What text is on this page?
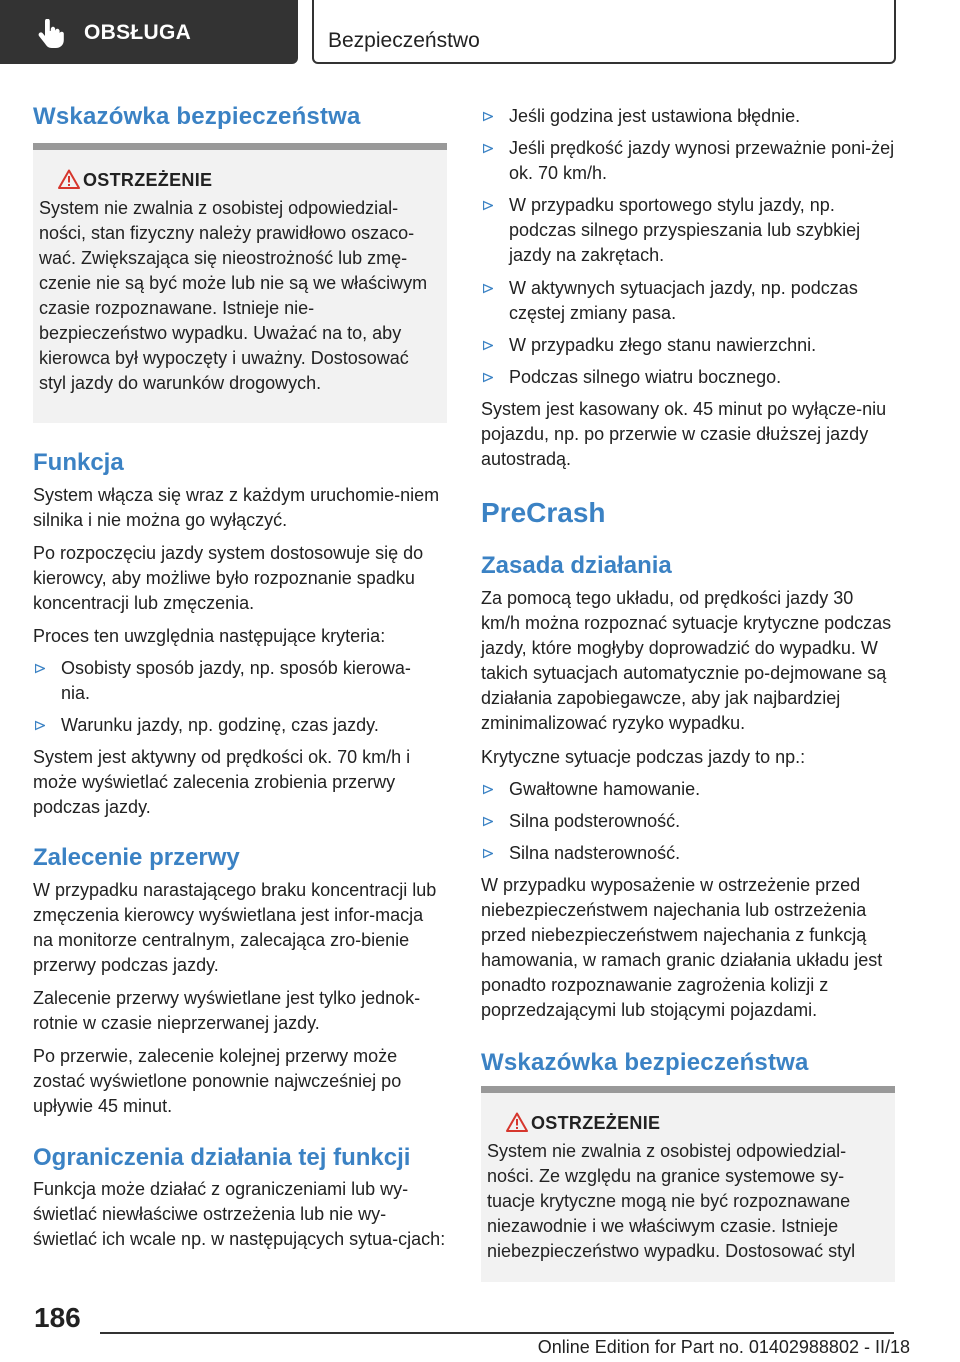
OBSŁUGA	Bezpieczeństwo
Wskazówka bezpieczeństwa
OSTRZEŻENIE

System nie zwalnia z osobistej odpowiedzial-ności, stan fizyczny należy prawidłowo oszaco-wać. Zwiększająca się nieostrożność lub zmę-czenie nie są być może lub nie są we właściwym czasie rozpoznawane. Istnieje nie-bezpieczeństwo wypadku. Uważać na to, aby kierowca był wypoczęty i uważny. Dostosować styl jazdy do warunków drogowych.

Funkcja

System włącza się wraz z każdym uruchomie-niem silnika i nie można go wyłączyć.

Po rozpoczęciu jazdy system dostosowuje się do kierowcy, aby możliwe było rozpoznanie spadku koncentracji lub zmęczenia.

Proces ten uwzględnia następujące kryteria:

Osobisty sposób jazdy, np. sposób kierowa-nia.
Warunku jazdy, np. godzinę, czas jazdy.

System jest aktywny od prędkości ok. 70 km/h i może wyświetlać zalecenia zrobienia przerwy podczas jazdy.

Zalecenie przerwy

W przypadku narastającego braku koncentracji lub zmęczenia kierowcy wyświetlana jest infor-macja na monitorze centralnym, zalecająca zro-bienie przerwy podczas jazdy.

Zalecenie przerwy wyświetlane jest tylko jednok-rotnie w czasie nieprzerwanej jazdy.

Po przerwie, zalecenie kolejnej przerwy może zostać wyświetlone ponownie najwcześniej po upływie 45 minut.

Ograniczenia działania tej funkcji

Funkcja może działać z ograniczeniami lub wy-świetlać niewłaściwe ostrzeżenia lub nie wy-świetlać ich wcale np. w następujących sytua-cjach:

Jeśli godzina jest ustawiona błędnie.
Jeśli prędkość jazdy wynosi przeważnie poni-żej ok. 70 km/h.
W przypadku sportowego stylu jazdy, np. podczas silnego przyspieszania lub szybkiej jazdy na zakrętach.
W aktywnych sytuacjach jazdy, np. podczas częstej zmiany pasa.
W przypadku złego stanu nawierzchni.
Podczas silnego wiatru bocznego.

System jest kasowany ok. 45 minut po wyłącze-niu pojazdu, np. po przerwie w czasie dłuższej jazdy autostradą.

PreCrash
Zasada działania

Za pomocą tego układu, od prędkości jazdy 30 km/h można rozpoznać sytuacje krytyczne podczas jazdy, które mogłyby doprowadzić do wypadku. W takich sytuacjach automatycznie po-dejmowane są działania zapobiegawcze, aby jak najbardziej zminimalizować ryzyko wypadku.

Krytyczne sytuacje podczas jazdy to np.:

Gwałtowne hamowanie.
Silna podsterowność.
Silna nadsterowność.

W przypadku wyposażenie w ostrzeżenie przed niebezpieczeństwem najechania lub ostrzeżenia przed niebezpieczeństwem najechania z funkcją hamowania, w ramach granic działania układu jest ponadto rozpoznawanie zagrożenia kolizji z poprzedzającymi lub stojącymi pojazdami.

Wskazówka bezpieczeństwa
OSTRZEŻENIE

System nie zwalnia z osobistej odpowiedzial-ności. Ze względu na granice systemowe sy-tuacje krytyczne mogą nie być rozpoznawane niezawodnie i we właściwym czasie. Istnieje niebezpieczeństwo wypadku. Dostosować styl

186
Online Edition for Part no. 01402988802 - II/18
